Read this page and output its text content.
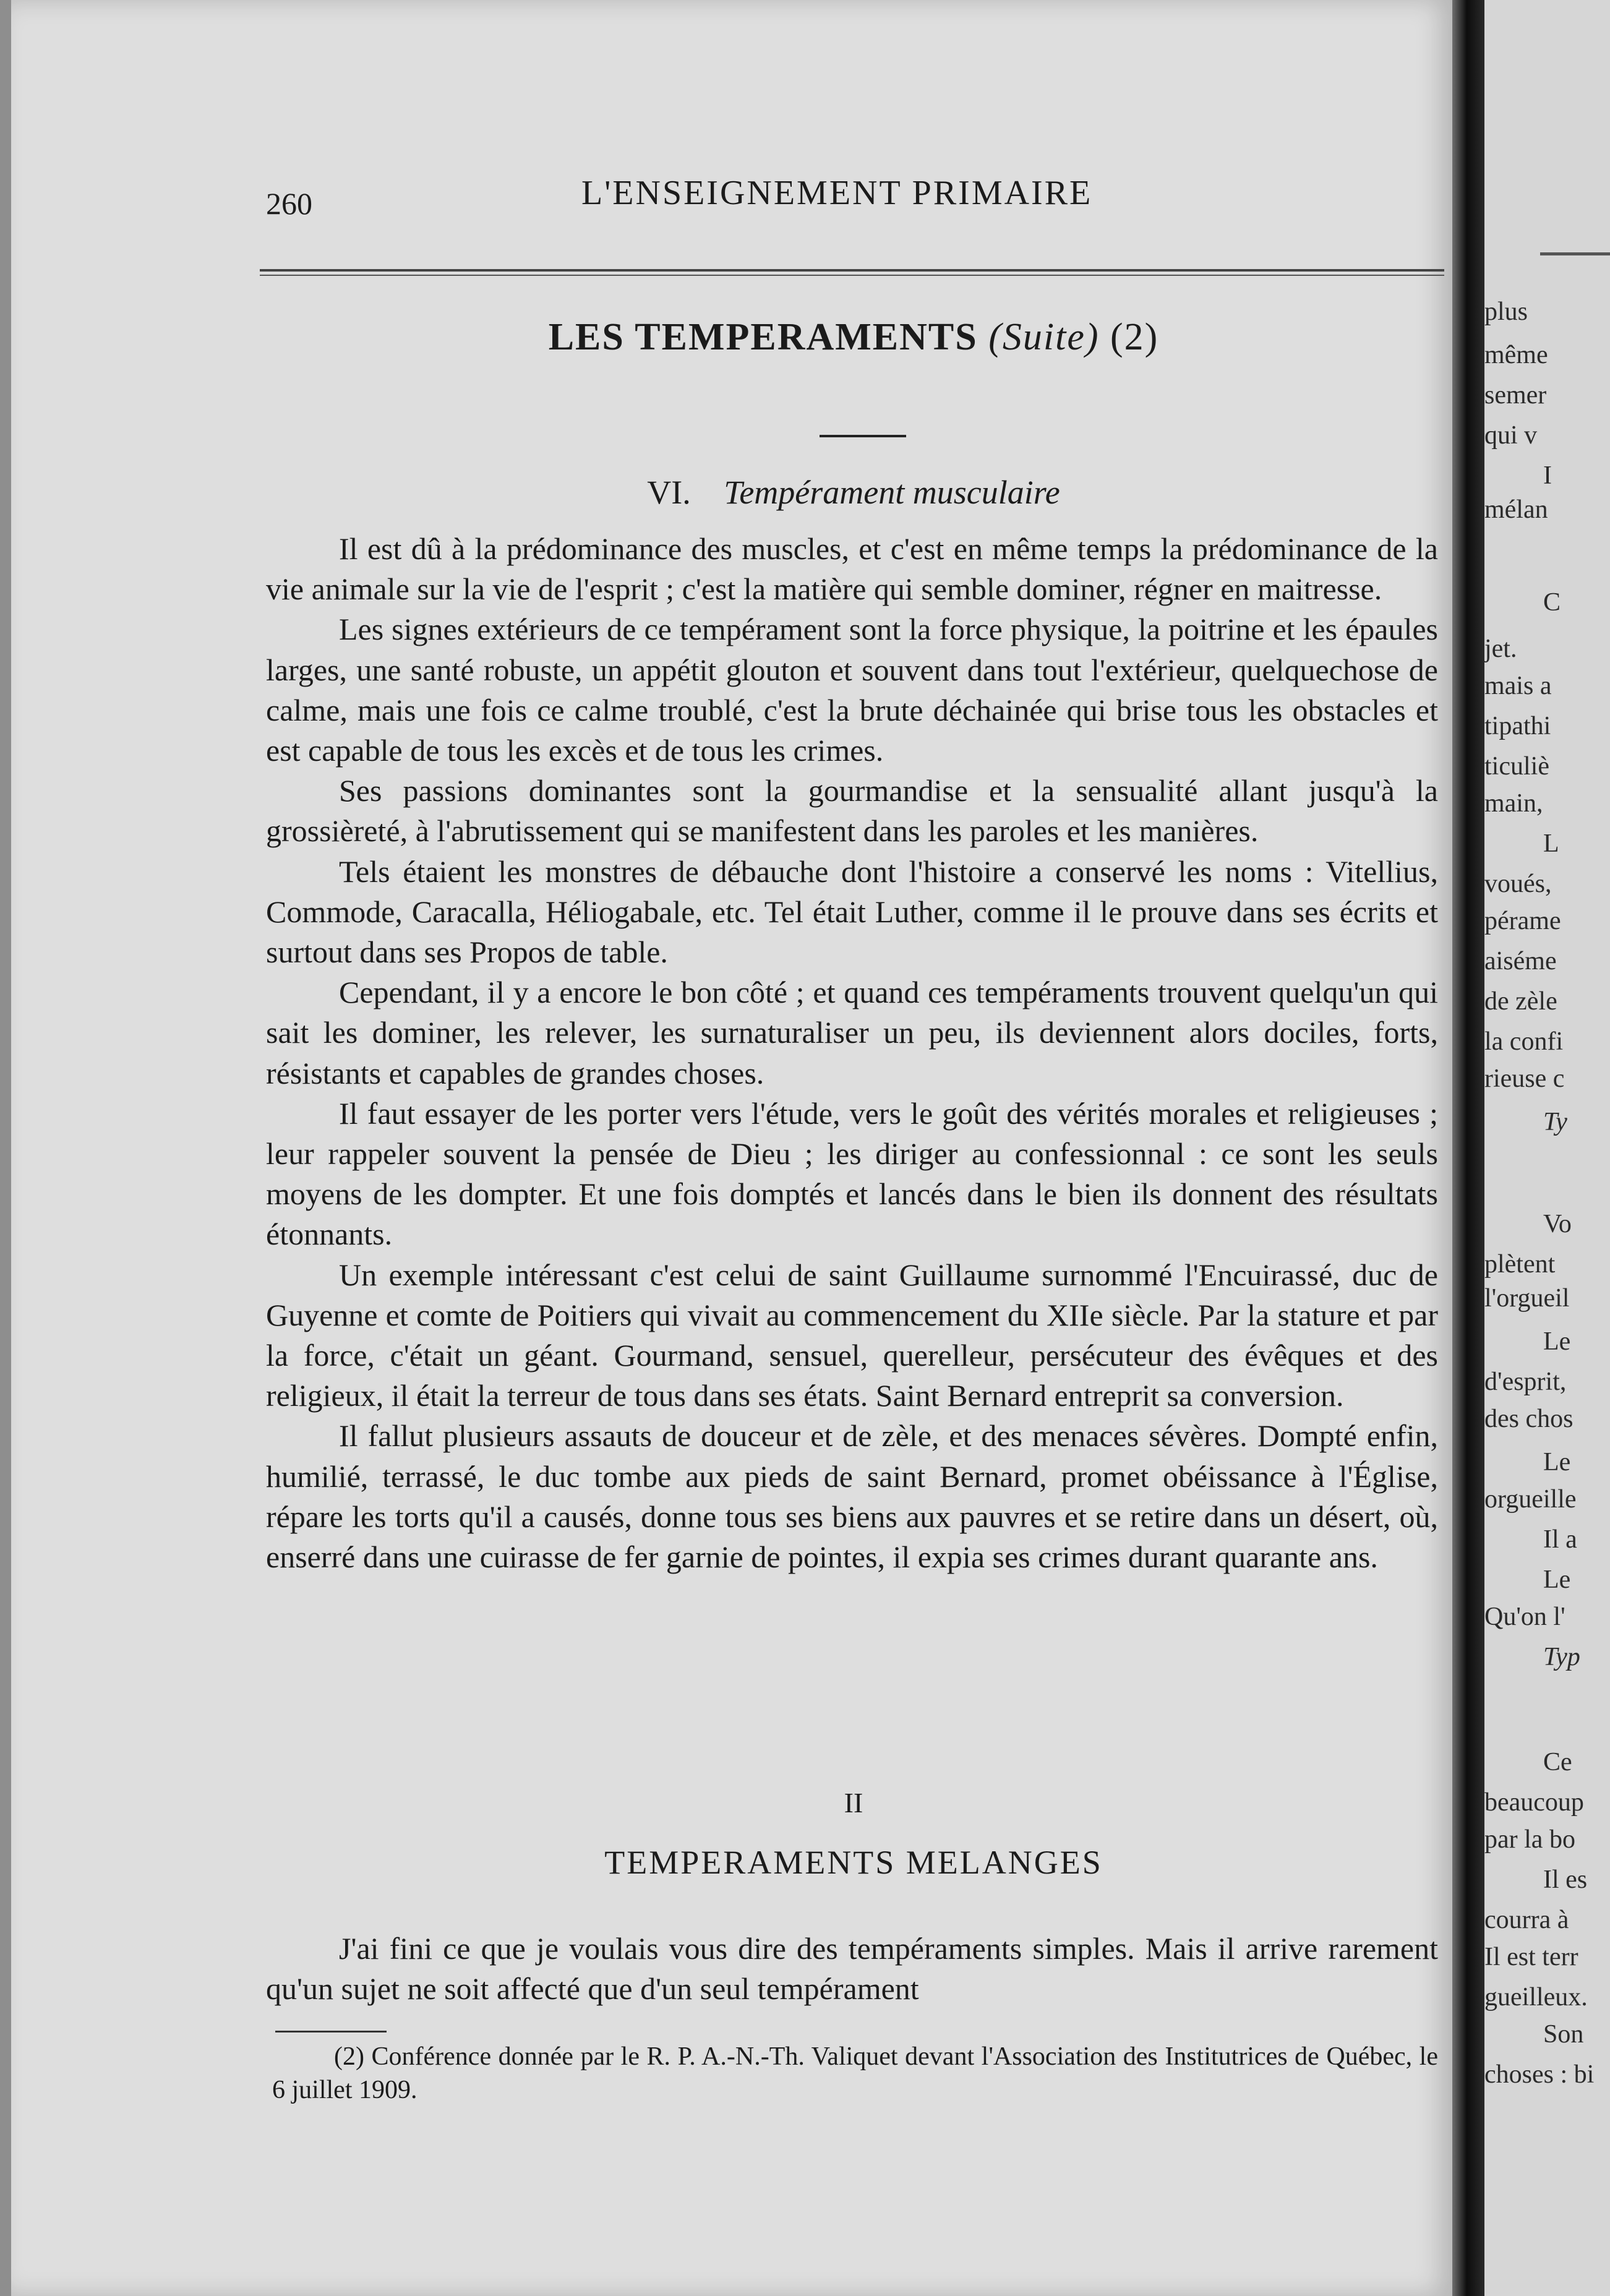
260	L'ENSEIGNEMENT PRIMAIRE
LES TEMPERAMENTS (Suite) (2)
VI. Tempérament musculaire

Il est dû à la prédominance des muscles, et c'est en même temps la prédominance de la vie animale sur la vie de l'esprit ; c'est la matière qui semble dominer, régner en maitresse.

Les signes extérieurs de ce tempérament sont la force physique, la poitrine et les épaules larges, une santé robuste, un appétit glouton et souvent dans tout l'extérieur, quelquechose de calme, mais une fois ce calme troublé, c'est la brute déchainée qui brise tous les obstacles et est capable de tous les excès et de tous les crimes.

Ses passions dominantes sont la gourmandise et la sensualité allant jusqu'à la grossièreté, à l'abrutissement qui se manifestent dans les paroles et les manières.

Tels étaient les monstres de débauche dont l'histoire a conservé les noms : Vitellius, Commode, Caracalla, Héliogabale, etc. Tel était Luther, comme il le prouve dans ses écrits et surtout dans ses Propos de table.

Cependant, il y a encore le bon côté ; et quand ces tempéraments trouvent quelqu'un qui sait les dominer, les relever, les surnaturaliser un peu, ils deviennent alors dociles, forts, résistants et capables de grandes choses.

Il faut essayer de les porter vers l'étude, vers le goût des vérités morales et religieuses ; leur rappeler souvent la pensée de Dieu ; les diriger au confessionnal : ce sont les seuls moyens de les dompter. Et une fois domptés et lancés dans le bien ils donnent des résultats étonnants.

Un exemple intéressant c'est celui de saint Guillaume surnommé l'Encuirassé, duc de Guyenne et comte de Poitiers qui vivait au commencement du XIIe siècle. Par la stature et par la force, c'était un géant. Gourmand, sensuel, querelleur, persécuteur des évêques et des religieux, il était la terreur de tous dans ses états. Saint Bernard entreprit sa conversion.

Il fallut plusieurs assauts de douceur et de zèle, et des menaces sévères. Dompté enfin, humilié, terrassé, le duc tombe aux pieds de saint Bernard, promet obéissance à l'Église, répare les torts qu'il a causés, donne tous ses biens aux pauvres et se retire dans un désert, où, enserré dans une cuirasse de fer garnie de pointes, il expia ses crimes durant quarante ans.

II
TEMPERAMENTS MELANGES

J'ai fini ce que je voulais vous dire des tempéraments simples. Mais il arrive rarement qu'un sujet ne soit affecté que d'un seul tempérament

(2) Conférence donnée par le R. P. A.-N.-Th. Valiquet devant l'Association des Institutrices de Québec, le 6 juillet 1909.
plus
même
semer
qui v
I
mélan
C
jet.
mais a
tipathi
ticuliè
main,
L
voués,
pérame
aiséme
de zèle
la confi
rieuse c
Ty
Vo
plètent
l'orgueil
Le
d'esprit,
des chos
Le
orgueille
Il a
Le
Qu'on l'
Typ
Ce
beaucoup
par la bo
Il es
courra à
Il est terr
gueilleux.
Son
choses : bi
